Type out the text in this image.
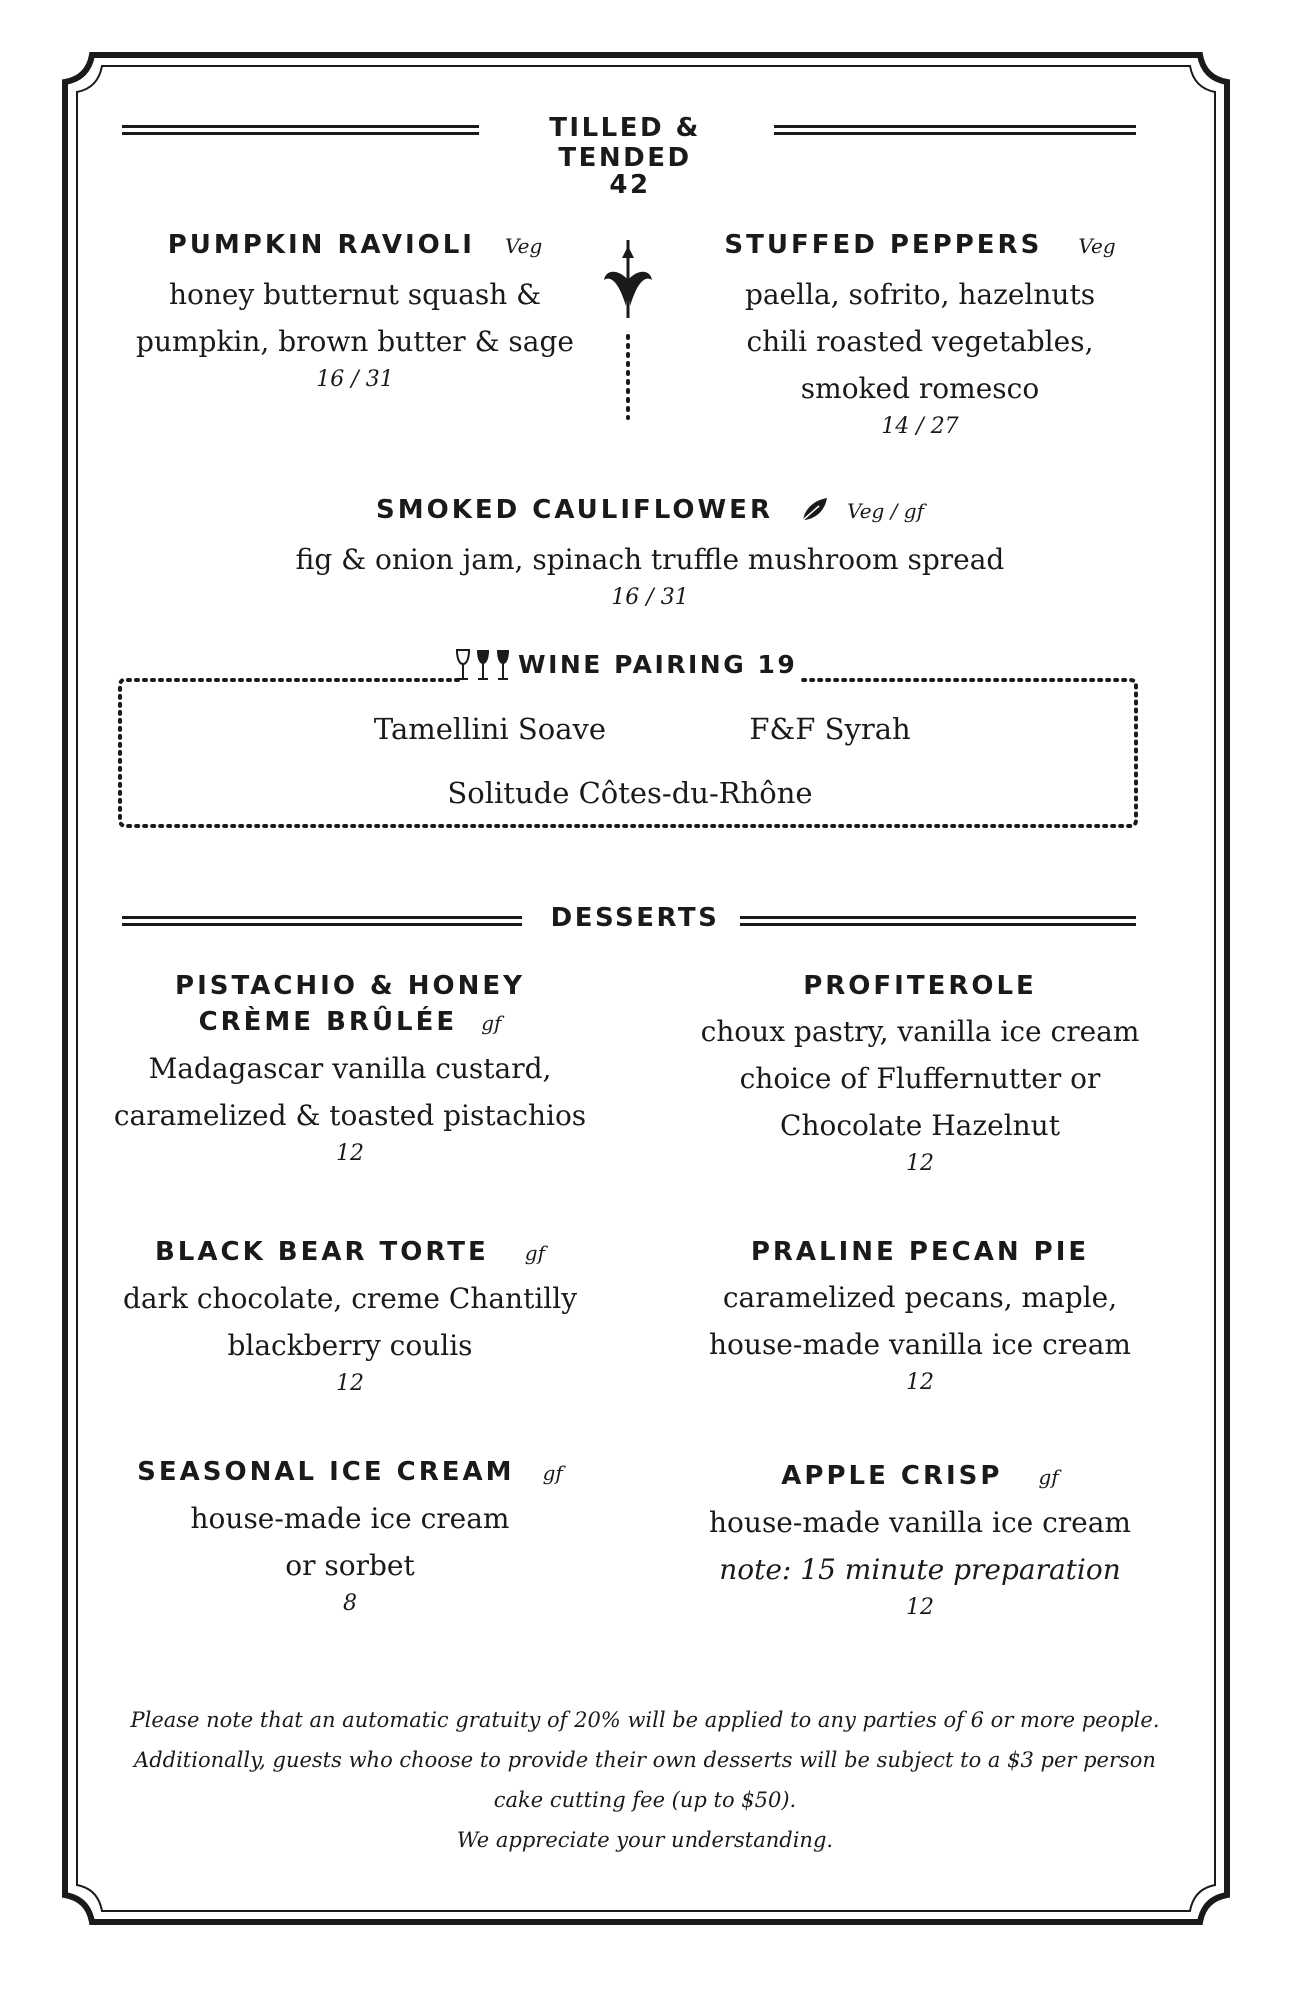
TILLED & TENDED
42
PUMPKIN RAVIOLI Veg
honey butternut squash &
pumpkin, brown butter & sage
16 / 31
STUFFED PEPPERS Veg
paella, sofrito, hazelnuts
chili roasted vegetables,
smoked romesco
14 / 27
SMOKED CAULIFLOWER	Veg / gf
fig & onion jam, spinach truffle mushroom spread
16 / 31
WINE PAIRING 19
Tamellini Soave	F&F Syrah
Solitude Côtes-du-Rhône
DESSERTS
PISTACHIO & HONEY
CRÈME BRÛLÉE gf
Madagascar vanilla custard,
caramelized & toasted pistachios
12
PROFITEROLE
choux pastry, vanilla ice cream
choice of Fluffernutter or
Chocolate Hazelnut
12
BLACK BEAR TORTE gf
dark chocolate, creme Chantilly
blackberry coulis
12
PRALINE PECAN PIE
caramelized pecans, maple,
house-made vanilla ice cream
12
SEASONAL ICE CREAM gf
house-made ice cream
or sorbet
8
APPLE CRISP gf
house-made vanilla ice cream
note: 15 minute preparation
12
Please note that an automatic gratuity of 20% will be applied to any parties of 6 or more people.
Additionally, guests who choose to provide their own desserts will be subject to a $3 per person
cake cutting fee (up to $50).
We appreciate your understanding.
